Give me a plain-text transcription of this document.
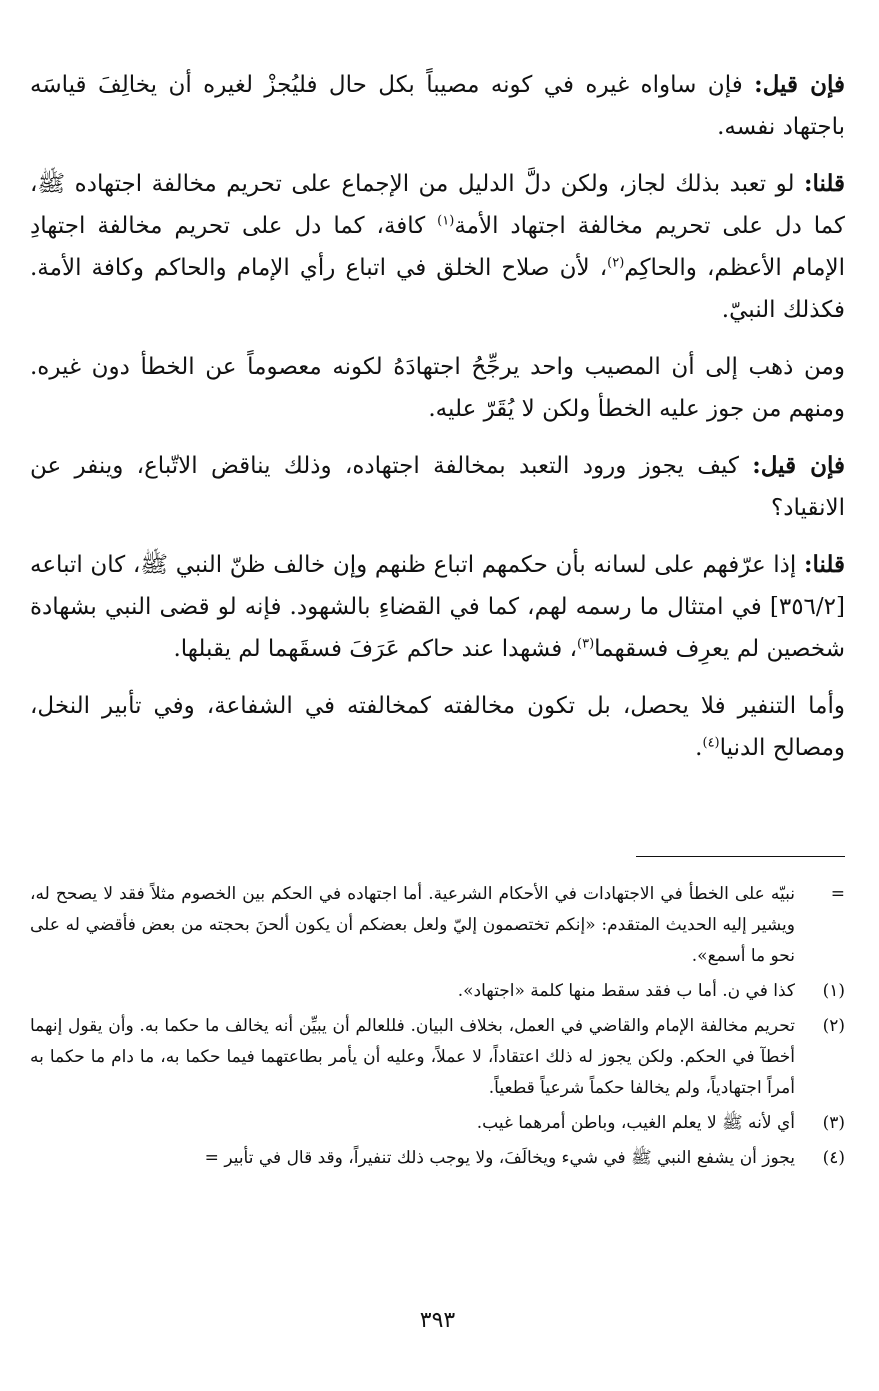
فإن قيل: فإن ساواه غيره في كونه مصيباً بكل حال فليُجزْ لغيره أن يخالِفَ قياسَه باجتهاد نفسه.

قلنا: لو تعبد بذلك لجاز، ولكن دلَّ الدليل من الإجماع على تحريم مخالفة اجتهاده ﷺ، كما دل على تحريم مخالفة اجتهاد الأمة$^{(١)}$ كافة، كما دل على تحريم مخالفة اجتهادِ الإمام الأعظم، والحاكِم$^{(٢)}$، لأن صلاح الخلق في اتباع رأي الإمام والحاكم وكافة الأمة. فكذلك النبيّ.

ومن ذهب إلى أن المصيب واحد يرجِّحُ اجتهادَهُ لكونه معصوماً عن الخطأ دون غيره. ومنهم من جوز عليه الخطأ ولكن لا يُقَرّ عليه.

فإن قيل: كيف يجوز ورود التعبد بمخالفة اجتهاده، وذلك يناقض الاتّباع، وينفر عن الانقياد؟

قلنا: إذا عرّفهم على لسانه بأن حكمهم اتباع ظنهم وإن خالف ظنّ النبي ﷺ، كان اتباعه [٣٥٦/٢] في امتثال ما رسمه لهم، كما في القضاءِ بالشهود. فإنه لو قضى النبي بشهادة شخصين لم يعرِف فسقهما$^{(٣)}$، فشهدا عند حاكم عَرَفَ فسقَهما لم يقبلها.

وأما التنفير فلا يحصل، بل تكون مخالفته كمخالفته في الشفاعة، وفي تأبير النخل، ومصالح الدنيا$^{(٤)}$.

=
نبيّه على الخطأ في الاجتهادات في الأحكام الشرعية. أما اجتهاده في الحكم بين الخصوم مثلاً فقد لا يصحح له، ويشير إليه الحديث المتقدم: «إنكم تختصمون إليّ ولعل بعضكم أن يكون ألحنَ بحجته من بعض فأقضي له على نحو ما أسمع».
(١)
كذا في ن. أما ب فقد سقط منها كلمة «اجتهاد».
(٢)
تحريم مخالفة الإمام والقاضي في العمل، بخلاف البيان. فللعالم أن يبيِّن أنه يخالف ما حكما به. وأن يقول إنهما أخطآ في الحكم. ولكن يجوز له ذلك اعتقاداً، لا عملاً، وعليه أن يأمر بطاعتهما فيما حكما به، ما دام ما حكما به أمراً اجتهادياً، ولم يخالفا حكماً شرعياً قطعياً.
(٣)
أي لأنه ﷺ لا يعلم الغيب، وباطن أمرهما غيب.
(٤)
يجوز أن يشفع النبي ﷺ في شيء ويخالَفَ، ولا يوجب ذلك تنفيراً، وقد قال في تأبير =
٣٩٣
